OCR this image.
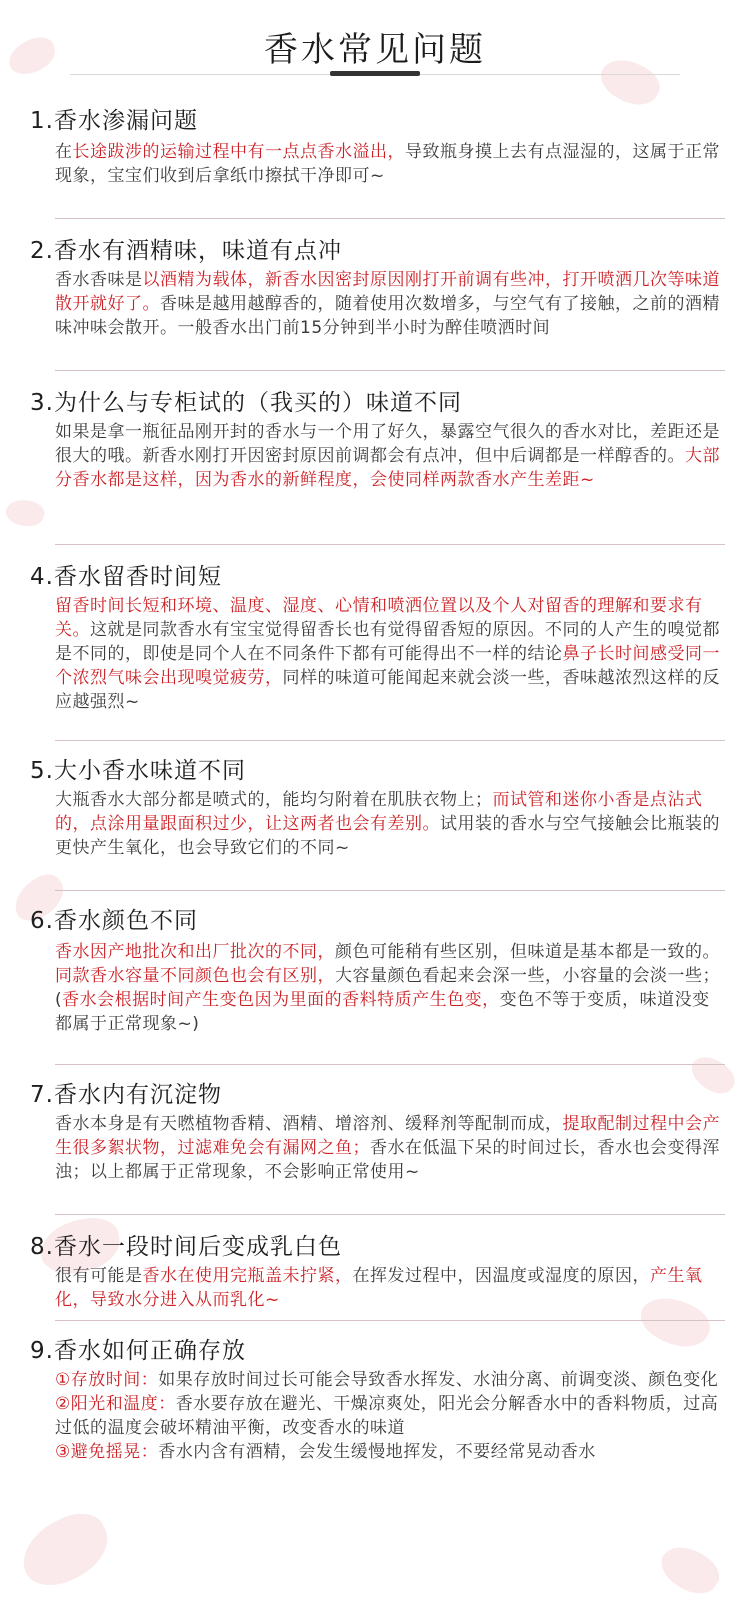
香水常见问题
1.香水渗漏问题
在长途跋涉的运输过程中有一点点香水溢出，导致瓶身摸上去有点湿湿的，这属于正常现象，宝宝们收到后拿纸巾擦拭干净即可~
2.香水有酒精味，味道有点冲
香水香味是以酒精为载体，新香水因密封原因刚打开前调有些冲，打开喷洒几次等味道散开就好了。香味是越用越醇香的，随着使用次数增多，与空气有了接触，之前的酒精味冲味会散开。一般香水出门前15分钟到半小时为醉佳喷洒时间
3.为什么与专柜试的（我买的）味道不同
如果是拿一瓶征品刚开封的香水与一个用了好久，暴露空气很久的香水对比，差距还是很大的哦。新香水刚打开因密封原因前调都会有点冲，但中后调都是一样醇香的。大部分香水都是这样，因为香水的新鲜程度，会使同样两款香水产生差距~
4.香水留香时间短
留香时间长短和环境、温度、湿度、心情和喷洒位置以及个人对留香的理解和要求有关。这就是同款香水有宝宝觉得留香长也有觉得留香短的原因。不同的人产生的嗅觉都是不同的，即使是同个人在不同条件下都有可能得出不一样的结论鼻子长时间感受同一个浓烈气味会出现嗅觉疲劳，同样的味道可能闻起来就会淡一些，香味越浓烈这样的反应越强烈~
5.大小香水味道不同
大瓶香水大部分都是喷式的，能均匀附着在肌肤衣物上；而试管和迷你小香是点沾式的，点涂用量跟面积过少，让这两者也会有差别。试用装的香水与空气接触会比瓶装的更快产生氧化，也会导致它们的不同~
6.香水颜色不同
香水因产地批次和出厂批次的不同，颜色可能稍有些区别，但味道是基本都是一致的。同款香水容量不同颜色也会有区别，大容量颜色看起来会深一些，小容量的会淡一些；(香水会根据时间产生变色因为里面的香料特质产生色变，变色不等于变质，味道没变都属于正常现象~)
7.香水内有沉淀物
香水本身是有天嘫植物香精、酒精、增溶剂、缓释剂等配制而成，提取配制过程中会产生很多絮状物，过滤难免会有漏网之鱼；香水在低温下呆的时间过长，香水也会变得浑浊；以上都属于正常现象，不会影响正常使用~
8.香水一段时间后变成乳白色
很有可能是香水在使用完瓶盖未拧紧，在挥发过程中，因温度或湿度的原因，产生氧化，导致水分进入从而乳化~
9.香水如何正确存放
①存放时间：如果存放时间过长可能会导致香水挥发、水油分离、前调变淡、颜色变化
②阳光和温度：香水要存放在避光、干燥凉爽处，阳光会分解香水中的香料物质，过高过低的温度会破坏精油平衡，改变香水的味道
③避免摇晃：香水内含有酒精，会发生缓慢地挥发，不要经常晃动香水
